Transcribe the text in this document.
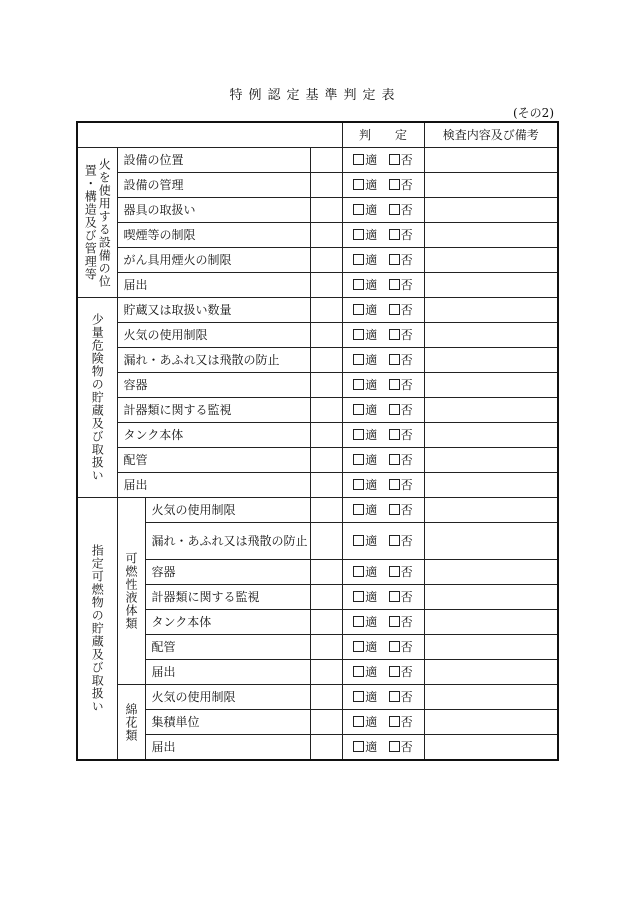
特例認定基準判定表
(その2)
				判　　定	検査内容及び備考
火を使用する設備の位置・構造及び管理等	設備の位置			適 否	
	設備の管理			適 否	
	器具の取扱い			適 否	
	喫煙等の制限			適 否	
	がん具用煙火の制限			適 否	
	届出			適 否	
少量危険物の貯蔵及び取扱い	貯蔵又は取扱い数量			適 否	
	火気の使用制限			適 否	
	漏れ・あふれ又は飛散の防止			適 否	
	容器			適 否	
	計器類に関する監視			適 否	
	タンク本体			適 否	
	配管			適 否	
	届出			適 否	
指定可燃物の貯蔵及び取扱い	可燃性液体類	火気の使用制限		適 否	
		漏れ・あふれ又は飛散の防止		適 否	
		容器		適 否	
		計器類に関する監視		適 否	
		タンク本体		適 否	
		配管		適 否	
		届出		適 否	
	綿花類	火気の使用制限		適 否	
		集積単位		適 否	
		届出		適 否	
